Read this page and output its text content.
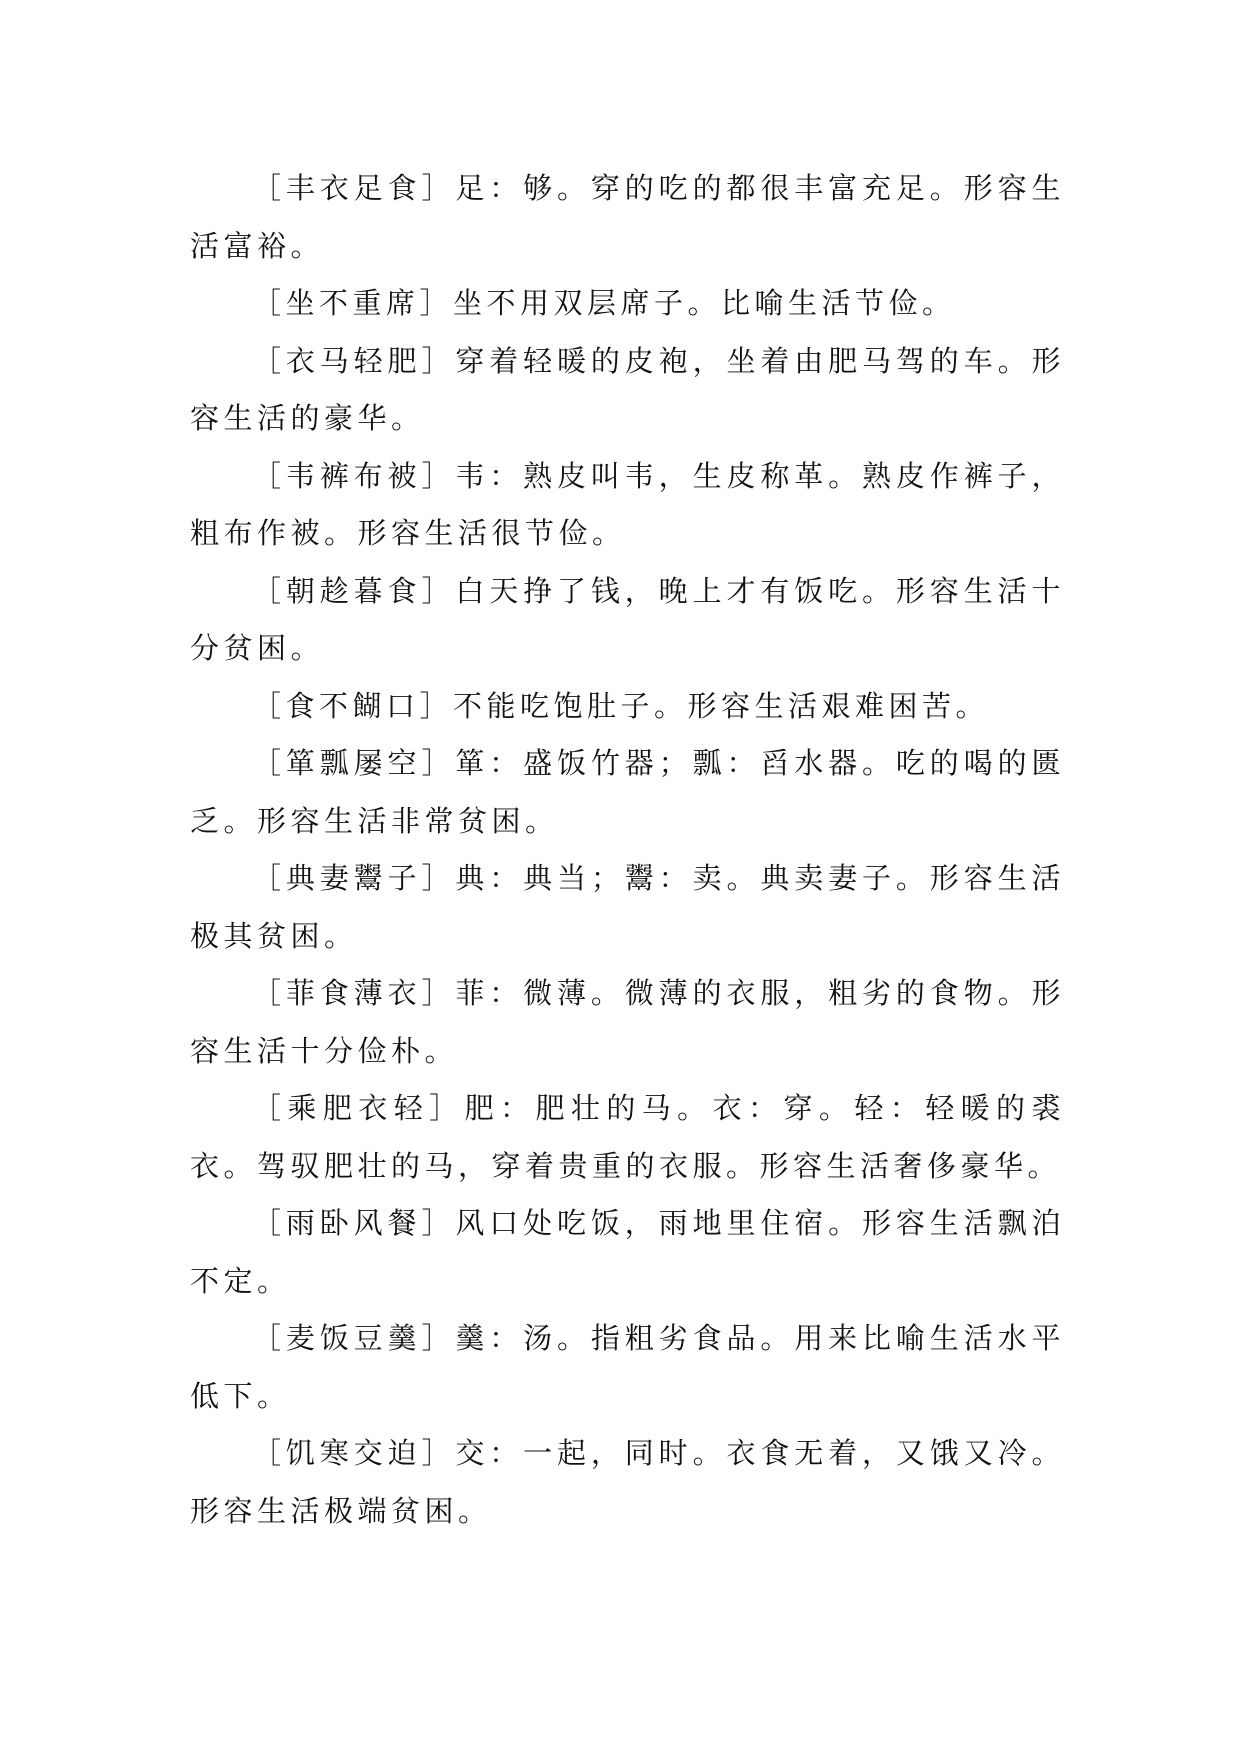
［丰衣足食］足：够。穿的吃的都很丰富充足。形容生活富裕。

［坐不重席］坐不用双层席子。比喻生活节俭。

［衣马轻肥］穿着轻暖的皮袍，坐着由肥马驾的车。形容生活的豪华。

［韦裤布被］韦：熟皮叫韦，生皮称革。熟皮作裤子，粗布作被。形容生活很节俭。

［朝趁暮食］白天挣了钱，晚上才有饭吃。形容生活十分贫困。

［食不餬口］不能吃饱肚子。形容生活艰难困苦。

［箪瓢屡空］箪：盛饭竹器；瓢：舀水器。吃的喝的匮乏。形容生活非常贫困。

［典妻鬻子］典：典当；鬻：卖。典卖妻子。形容生活极其贫困。

［菲食薄衣］菲：微薄。微薄的衣服，粗劣的食物。形容生活十分俭朴。

［乘肥衣轻］肥：肥壮的马。衣：穿。轻：轻暖的裘衣。驾驭肥壮的马，穿着贵重的衣服。形容生活奢侈豪华。

［雨卧风餐］风口处吃饭，雨地里住宿。形容生活飘泊不定。

［麦饭豆羹］羹：汤。指粗劣食品。用来比喻生活水平低下。

［饥寒交迫］交：一起，同时。衣食无着，又饿又冷。形容生活极端贫困。
